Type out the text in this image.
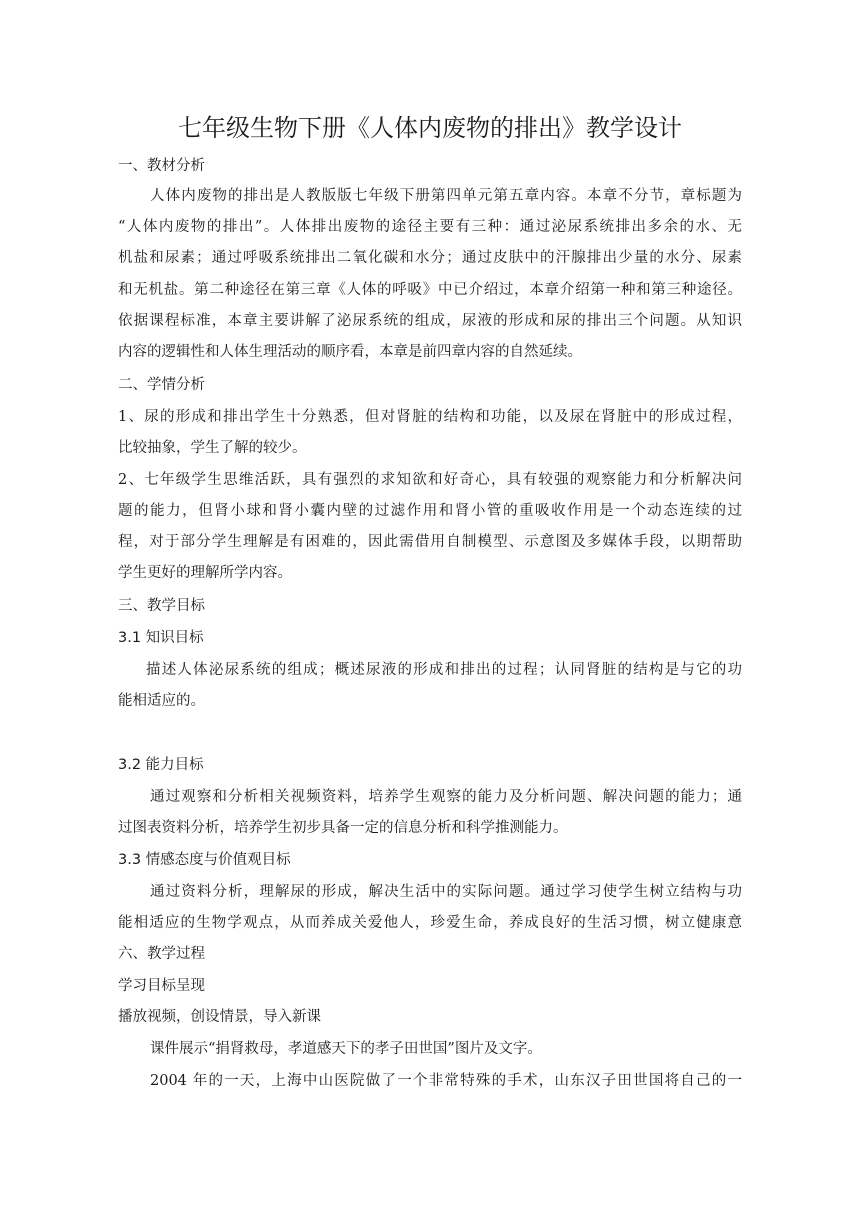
七年级生物下册《人体内废物的排出》教学设计
一、教材分析
人体内废物的排出是人教版版七年级下册第四单元第五章内容。本章不分节，章标题为
“人体内废物的排出”。人体排出废物的途径主要有三种：通过泌尿系统排出多余的水、无
机盐和尿素；通过呼吸系统排出二氧化碳和水分；通过皮肤中的汗腺排出少量的水分、尿素
和无机盐。第二种途径在第三章《人体的呼吸》中已介绍过，本章介绍第一种和第三种途径。
依据课程标准，本章主要讲解了泌尿系统的组成，尿液的形成和尿的排出三个问题。从知识
内容的逻辑性和人体生理活动的顺序看，本章是前四章内容的自然延续。
二、学情分析
1、尿的形成和排出学生十分熟悉，但对肾脏的结构和功能，以及尿在肾脏中的形成过程，
比较抽象，学生了解的较少。
2、七年级学生思维活跃，具有强烈的求知欲和好奇心，具有较强的观察能力和分析解决问
题的能力，但肾小球和肾小囊内壁的过滤作用和肾小管的重吸收作用是一个动态连续的过
程，对于部分学生理解是有困难的，因此需借用自制模型、示意图及多媒体手段，以期帮助
学生更好的理解所学内容。
三、教学目标
3.1 知识目标
描述人体泌尿系统的组成；概述尿液的形成和排出的过程；认同肾脏的结构是与它的功
能相适应的。
3.2 能力目标
通过观察和分析相关视频资料，培养学生观察的能力及分析问题、解决问题的能力；通
过图表资料分析，培养学生初步具备一定的信息分析和科学推测能力。
3.3 情感态度与价值观目标
通过资料分析，理解尿的形成，解决生活中的实际问题。通过学习使学生树立结构与功
能相适应的生物学观点，从而养成关爱他人，珍爱生命，养成良好的生活习惯，树立健康意
六、教学过程
学习目标呈现
播放视频，创设情景，导入新课
课件展示“捐肾救母，孝道感天下的孝子田世国”图片及文字。
2004 年的一天，上海中山医院做了一个非常特殊的手术，山东汉子田世国将自己的一
